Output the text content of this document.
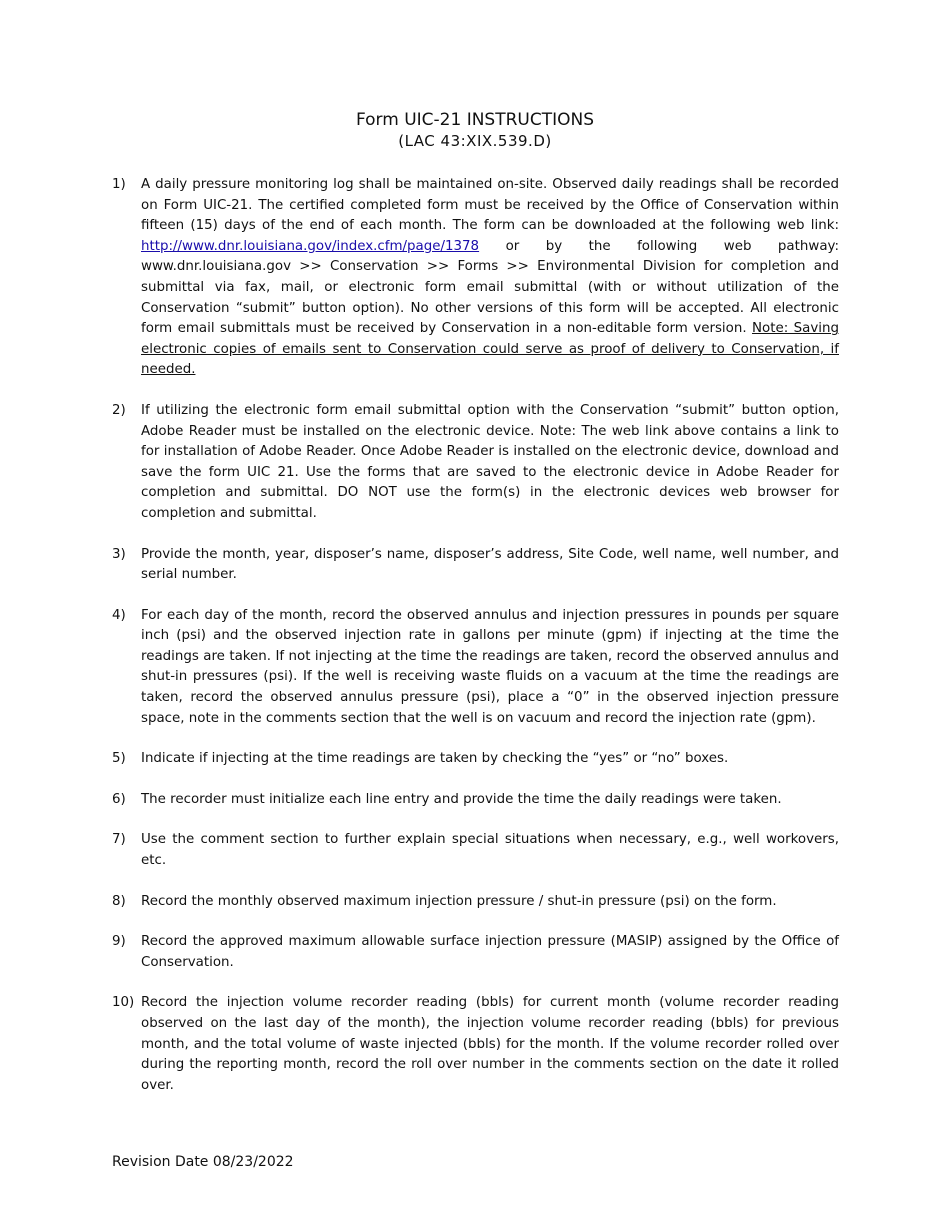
Form UIC-21 INSTRUCTIONS
(LAC 43:XIX.539.D)
1)	A daily pressure monitoring log shall be maintained on-site. Observed daily readings shall be recorded on Form UIC-21. The certified completed form must be received by the Office of Conservation within fifteen (15) days of the end of each month. The form can be downloaded at the following web link: http://www.dnr.louisiana.gov/index.cfm/page/1378 or by the following web pathway: www.dnr.louisiana.gov >> Conservation >> Forms >> Environmental Division for completion and submittal via fax, mail, or electronic form email submittal (with or without utilization of the Conservation “submit” button option). No other versions of this form will be accepted. All electronic form email submittals must be received by Conservation in a non-editable form version. Note: Saving electronic copies of emails sent to Conservation could serve as proof of delivery to Conservation, if needed.
2)	If utilizing the electronic form email submittal option with the Conservation “submit” button option, Adobe Reader must be installed on the electronic device. Note: The web link above contains a link to for installation of Adobe Reader. Once Adobe Reader is installed on the electronic device, download and save the form UIC 21. Use the forms that are saved to the electronic device in Adobe Reader for completion and submittal. DO NOT use the form(s) in the electronic devices web browser for completion and submittal.
3)	Provide the month, year, disposer’s name, disposer’s address, Site Code, well name, well number, and serial number.
4)	For each day of the month, record the observed annulus and injection pressures in pounds per square inch (psi) and the observed injection rate in gallons per minute (gpm) if injecting at the time the readings are taken. If not injecting at the time the readings are taken, record the observed annulus and shut-in pressures (psi). If the well is receiving waste fluids on a vacuum at the time the readings are taken, record the observed annulus pressure (psi), place a “0” in the observed injection pressure space, note in the comments section that the well is on vacuum and record the injection rate (gpm).
5)	Indicate if injecting at the time readings are taken by checking the “yes” or “no” boxes.
6)	The recorder must initialize each line entry and provide the time the daily readings were taken.
7)	Use the comment section to further explain special situations when necessary, e.g., well workovers, etc.
8)	Record the monthly observed maximum injection pressure / shut-in pressure (psi) on the form.
9)	Record the approved maximum allowable surface injection pressure (MASIP) assigned by the Office of Conservation.
10) Record the injection volume recorder reading (bbls) for current month (volume recorder reading observed on the last day of the month), the injection volume recorder reading (bbls) for previous month, and the total volume of waste injected (bbls) for the month. If the volume recorder rolled over during the reporting month, record the roll over number in the comments section on the date it rolled over.
Revision Date 08/23/2022
